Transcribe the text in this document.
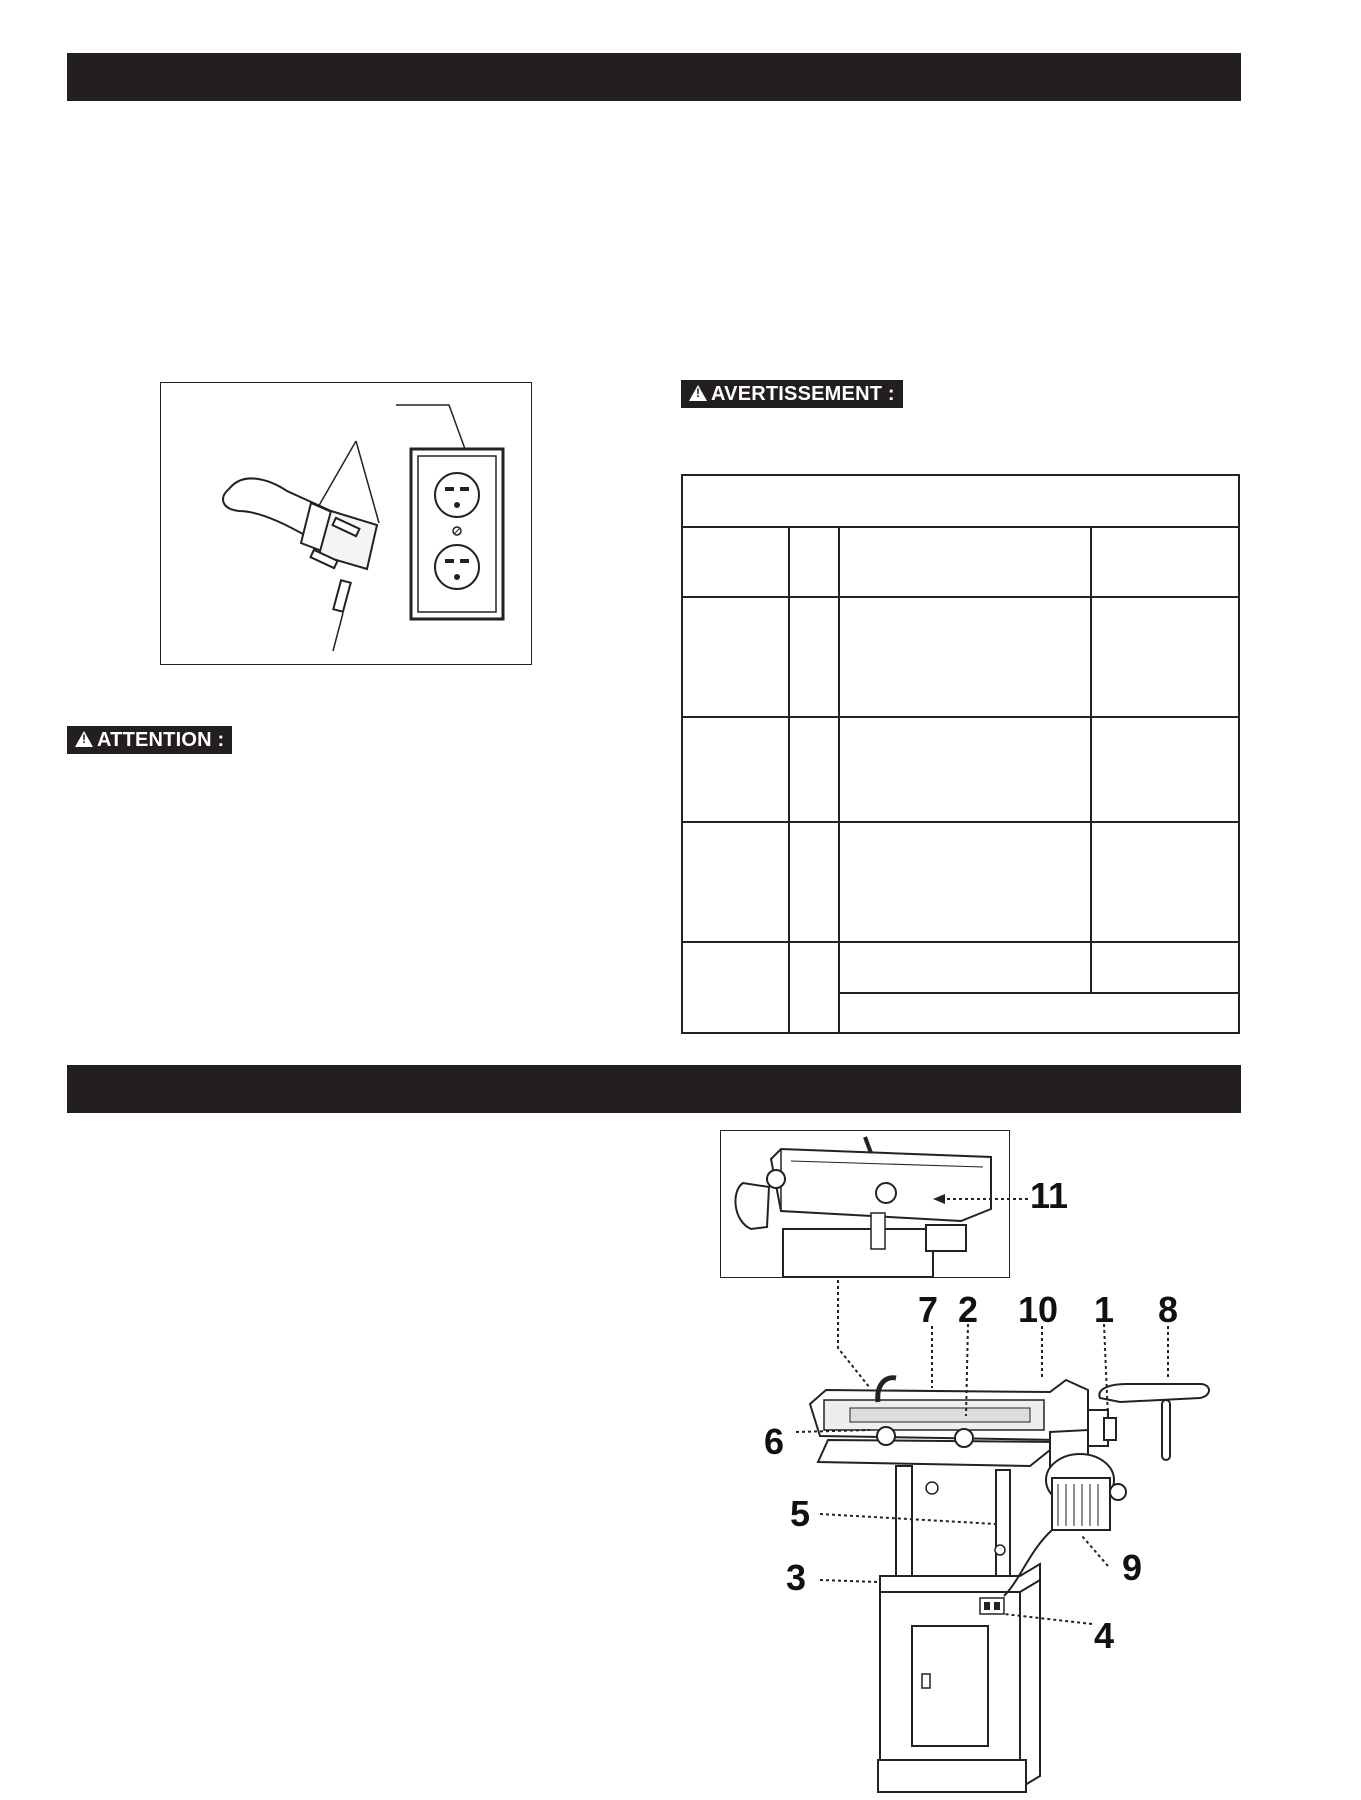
!ATTENTION :
!AVERTISSEMENT :
11
7 2 10 1 8
6
5
3	9
4
